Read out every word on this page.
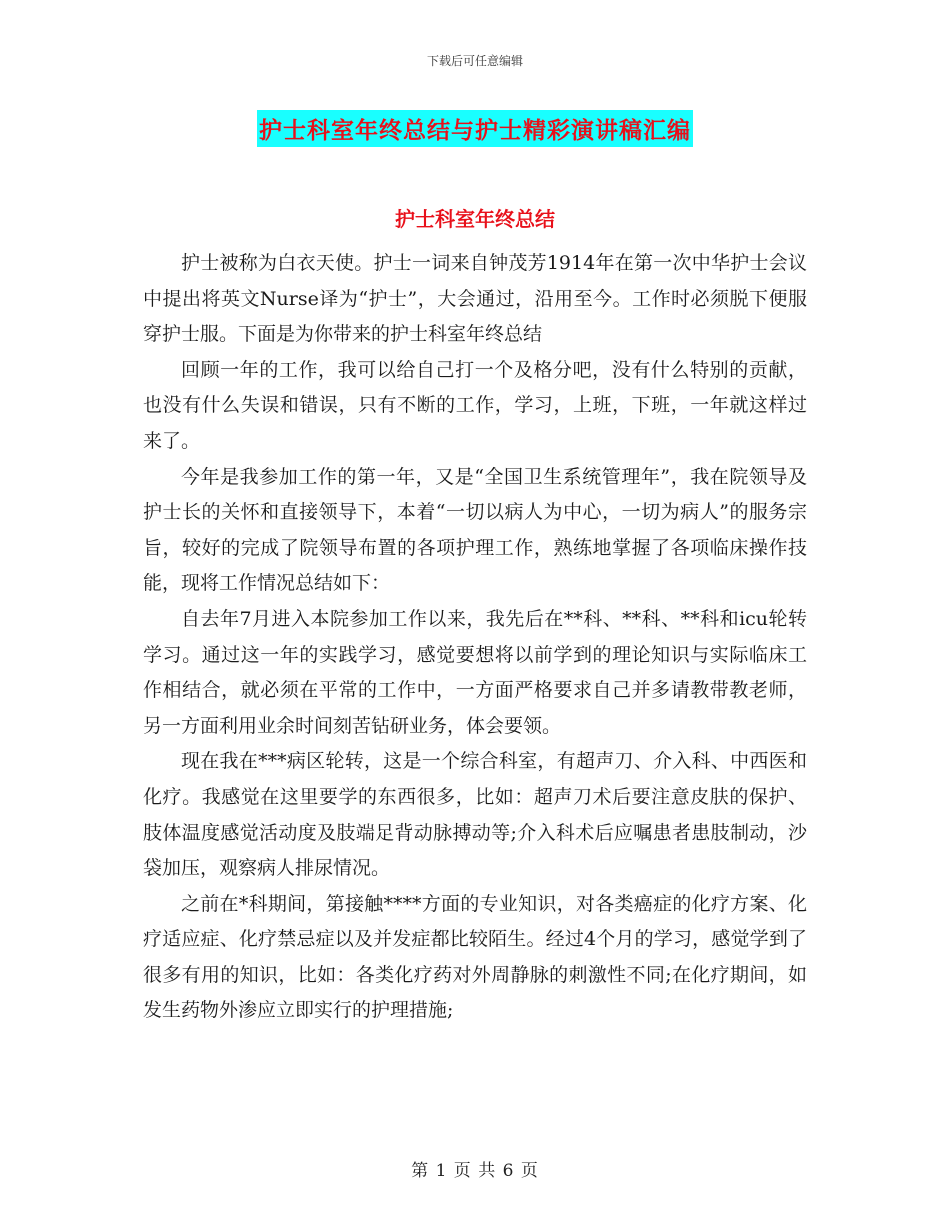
下载后可任意编辑
护士科室年终总结与护士精彩演讲稿汇编
护士科室年终总结

护士被称为白衣天使。护士一词来自钟茂芳1914年在第一次中华护士会议中提出将英文Nurse译为“护士”，大会通过，沿用至今。工作时必须脱下便服穿护士服。下面是为你带来的护士科室年终总结

回顾一年的工作，我可以给自己打一个及格分吧，没有什么特别的贡献，也没有什么失误和错误，只有不断的工作，学习，上班，下班，一年就这样过来了。

今年是我参加工作的第一年，又是“全国卫生系统管理年”，我在院领导及护士长的关怀和直接领导下，本着“一切以病人为中心，一切为病人”的服务宗旨，较好的完成了院领导布置的各项护理工作，熟练地掌握了各项临床操作技能，现将工作情况总结如下：

自去年7月进入本院参加工作以来，我先后在**科、**科、**科和icu轮转学习。通过这一年的实践学习，感觉要想将以前学到的理论知识与实际临床工作相结合，就必须在平常的工作中，一方面严格要求自己并多请教带教老师，另一方面利用业余时间刻苦钻研业务，体会要领。

现在我在***病区轮转，这是一个综合科室，有超声刀、介入科、中西医和化疗。我感觉在这里要学的东西很多，比如：超声刀术后要注意皮肤的保护、肢体温度感觉活动度及肢端足背动脉搏动等;介入科术后应嘱患者患肢制动，沙袋加压，观察病人排尿情况。

之前在*科期间，第接触****方面的专业知识，对各类癌症的化疗方案、化疗适应症、化疗禁忌症以及并发症都比较陌生。经过4个月的学习，感觉学到了很多有用的知识，比如：各类化疗药对外周静脉的刺激性不同;在化疗期间，如发生药物外渗应立即实行的护理措施;

第 1 页 共 6 页
